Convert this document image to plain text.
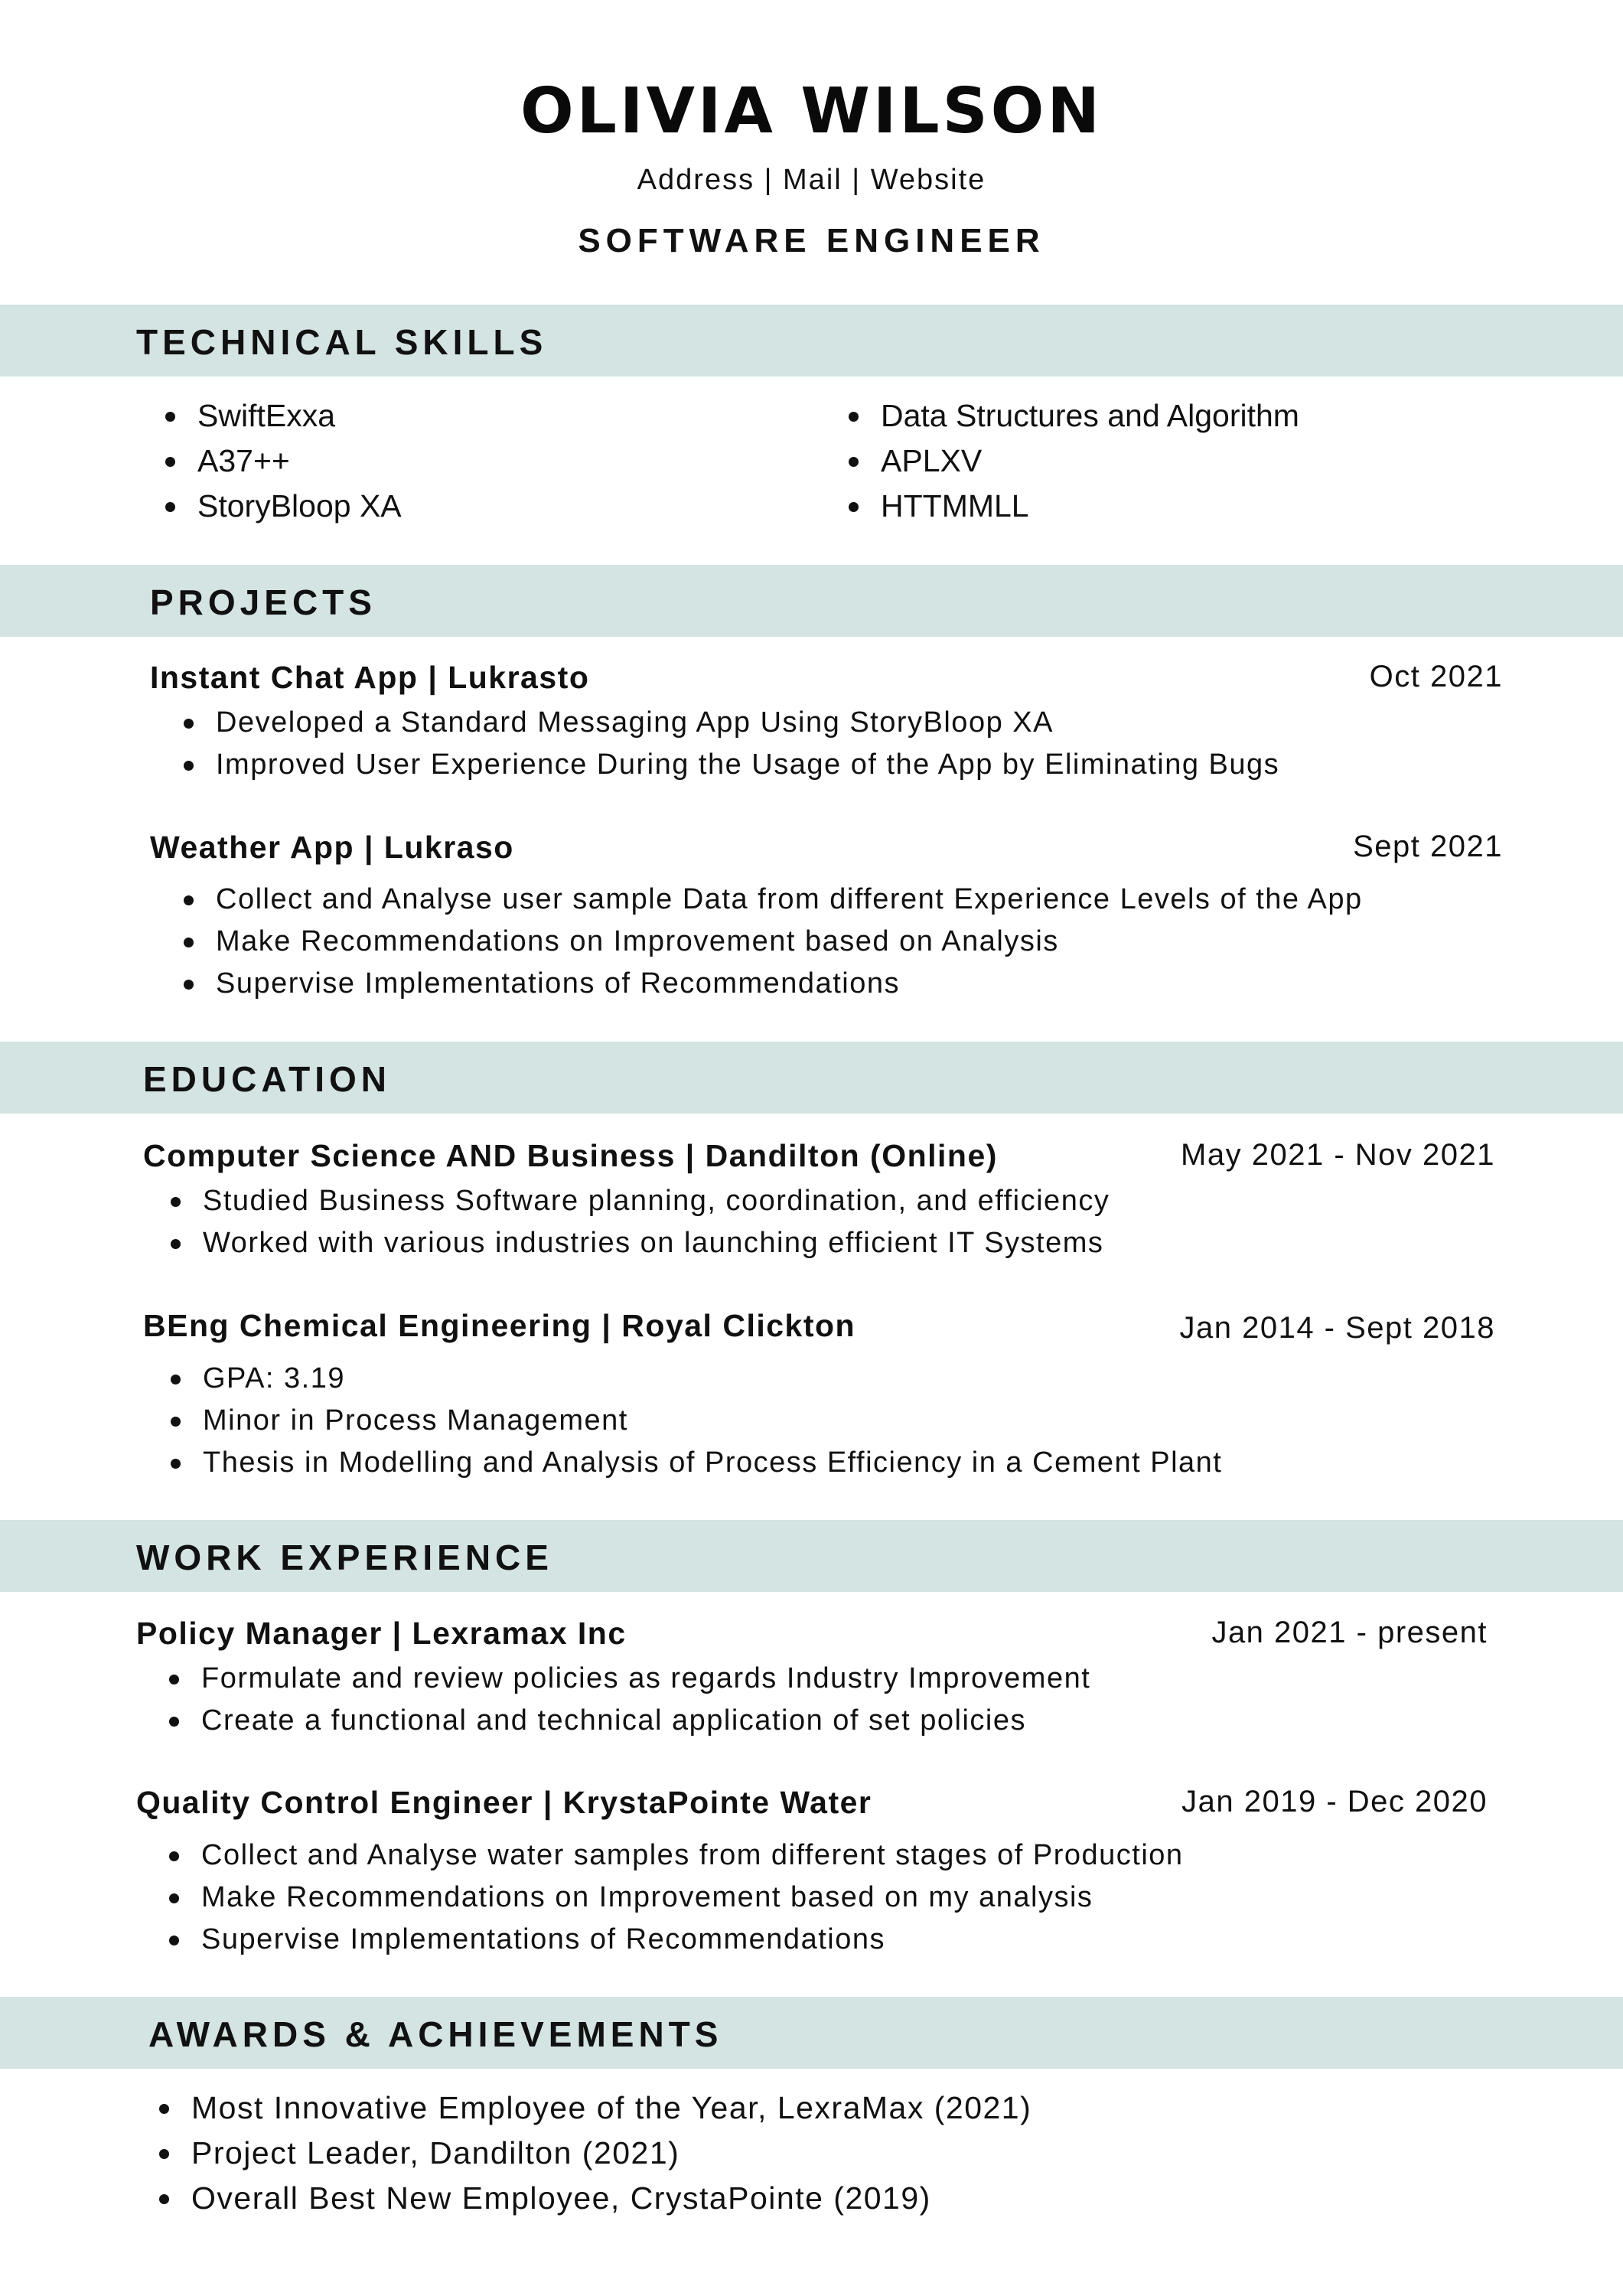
OLIVIA WILSON
Address | Mail | Website
SOFTWARE ENGINEER
TECHNICAL SKILLS
SwiftExxa
A37++
StoryBloop XA
Data Structures and Algorithm
APLXV
HTTMMLL
PROJECTS
Instant Chat App | Lukrasto	Oct 2021
Developed a Standard Messaging App Using StoryBloop XA
Improved User Experience During the Usage of the App by Eliminating Bugs
Weather App | Lukraso	Sept 2021
Collect and Analyse user sample Data from different Experience Levels of the App
Make Recommendations on Improvement based on Analysis
Supervise Implementations of Recommendations
EDUCATION
Computer Science AND Business | Dandilton (Online)	May 2021 - Nov 2021
Studied Business Software planning, coordination, and efficiency
Worked with various industries on launching efficient IT Systems
BEng Chemical Engineering | Royal Clickton	Jan 2014 - Sept 2018
GPA: 3.19
Minor in Process Management
Thesis in Modelling and Analysis of Process Efficiency in a Cement Plant
WORK EXPERIENCE
Policy Manager | Lexramax Inc	Jan 2021 - present
Formulate and review policies as regards Industry Improvement
Create a functional and technical application of set policies
Quality Control Engineer | KrystaPointe Water	Jan 2019 - Dec 2020
Collect and Analyse water samples from different stages of Production
Make Recommendations on Improvement based on my analysis
Supervise Implementations of Recommendations
AWARDS & ACHIEVEMENTS
Most Innovative Employee of the Year, LexraMax (2021)
Project Leader, Dandilton (2021)
Overall Best New Employee, CrystaPointe (2019)
